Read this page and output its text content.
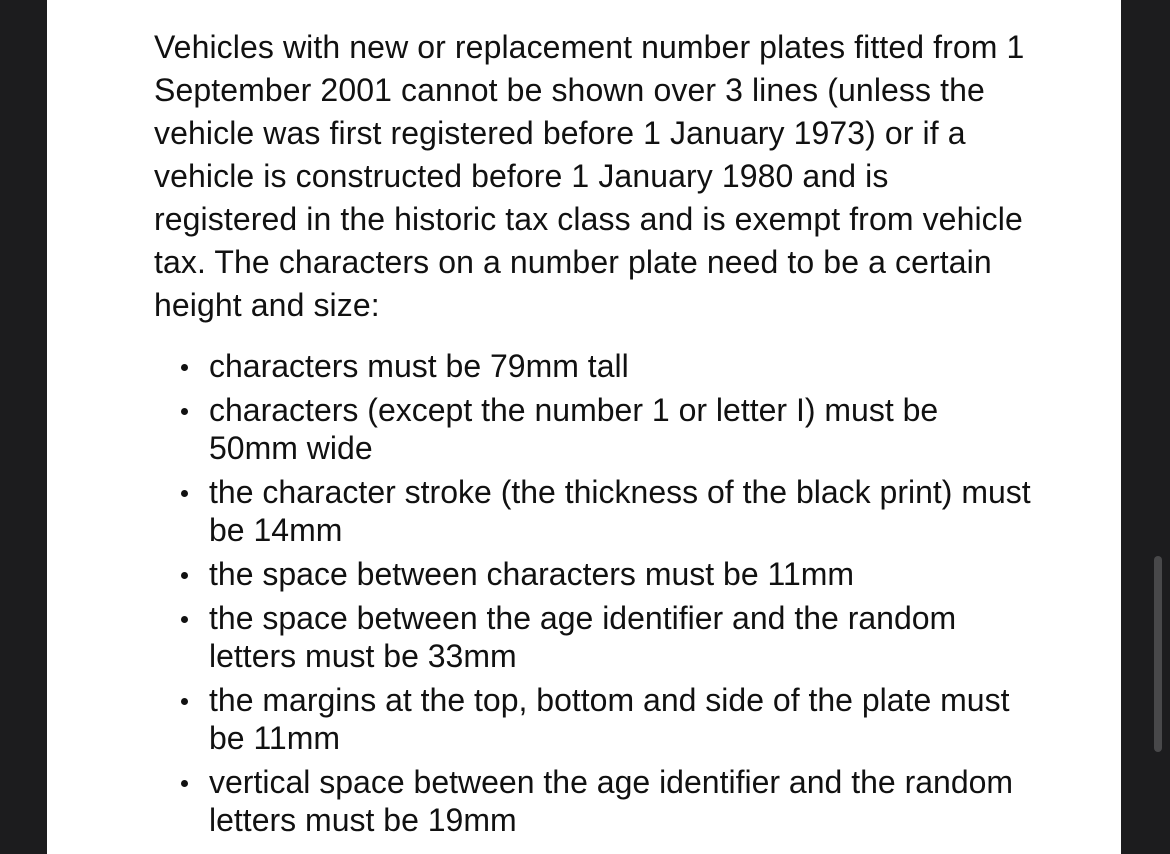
Vehicles with new or replacement number plates fitted from 1 September 2001 cannot be shown over 3 lines (unless the vehicle was first registered before 1 January 1973) or if a vehicle is constructed before 1 January 1980 and is registered in the historic tax class and is exempt from vehicle tax. The characters on a number plate need to be a certain height and size:

characters must be 79mm tall
characters (except the number 1 or letter I) must be 50mm wide
the character stroke (the thickness of the black print) must be 14mm
the space between characters must be 11mm
the space between the age identifier and the random letters must be 33mm
the margins at the top, bottom and side of the plate must be 11mm
vertical space between the age identifier and the random letters must be 19mm
